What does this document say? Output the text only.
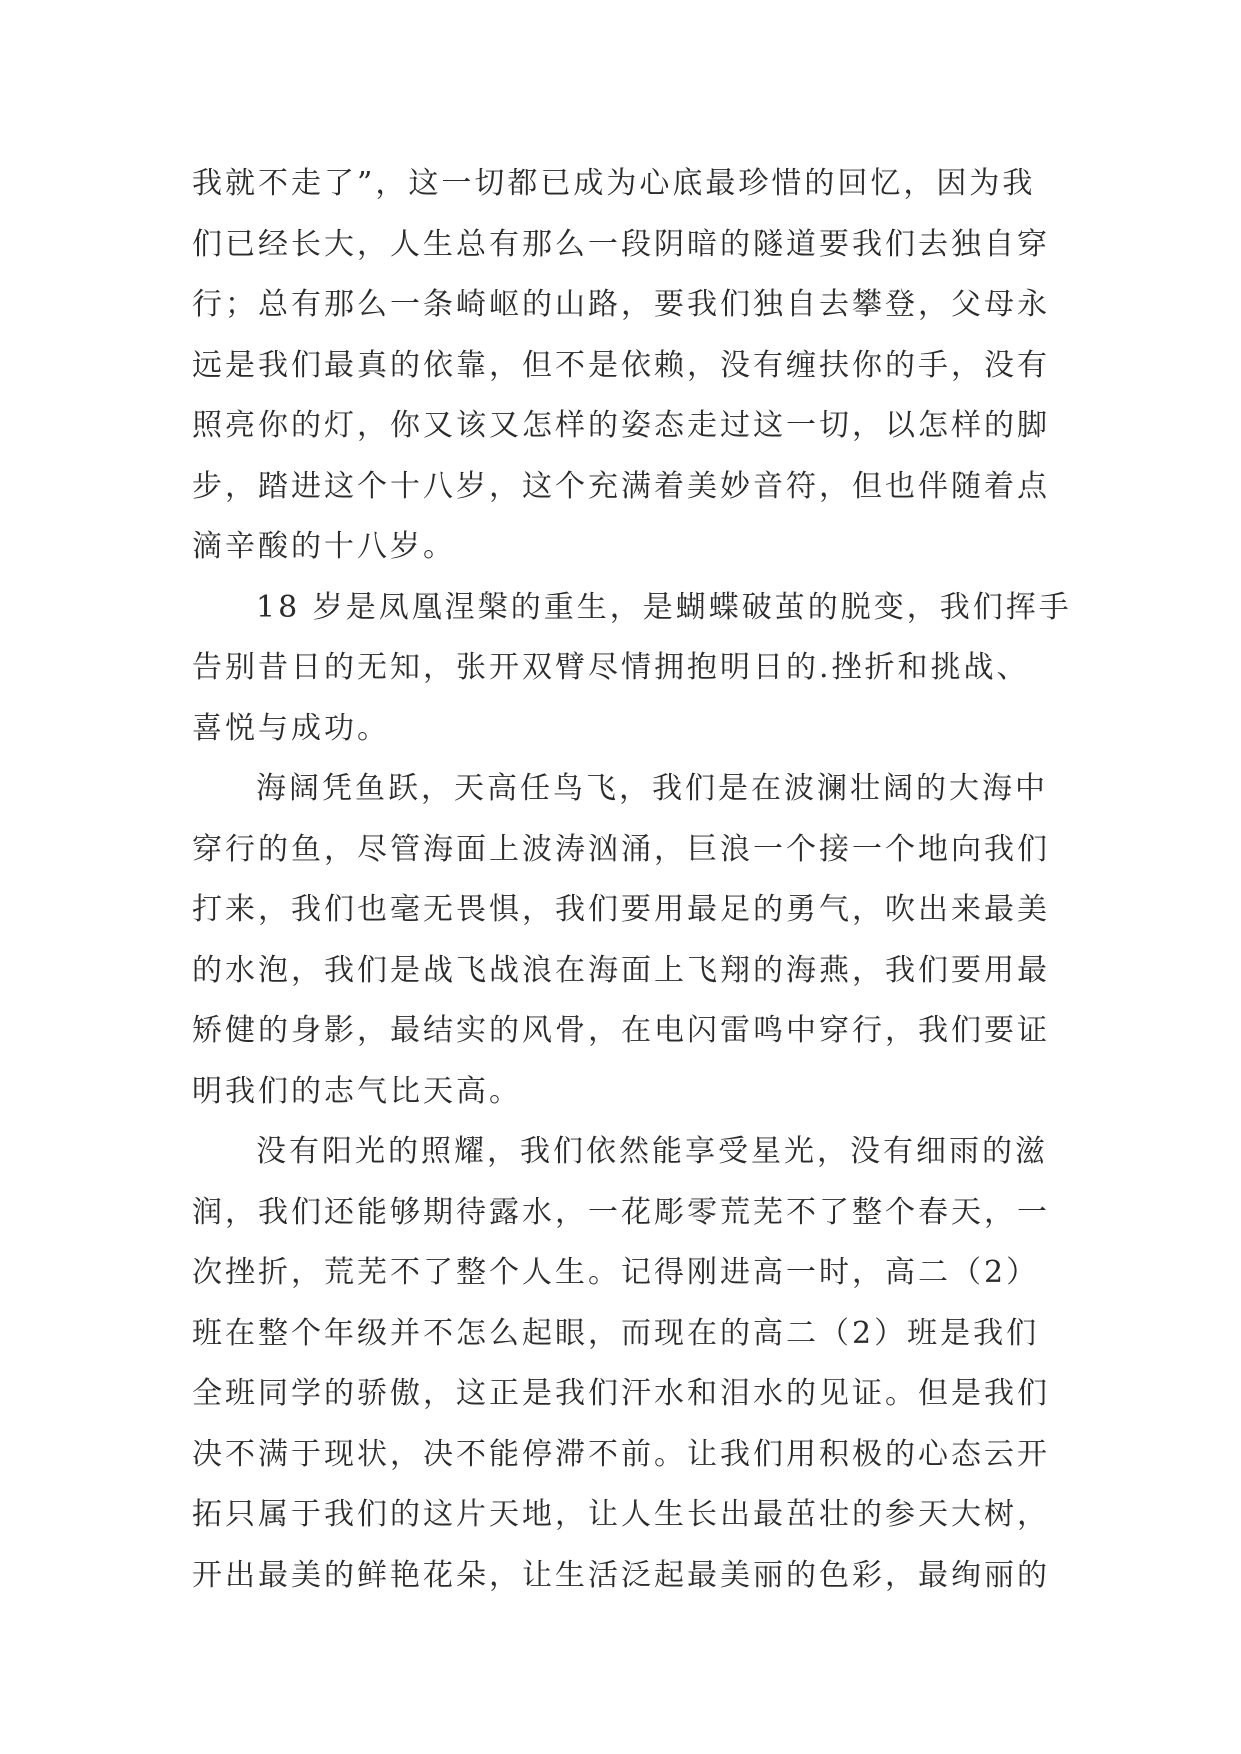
我就不走了”，这一切都已成为心底最珍惜的回忆，因为我
们已经长大，人生总有那么一段阴暗的隧道要我们去独自穿
行；总有那么一条崎岖的山路，要我们独自去攀登，父母永
远是我们最真的依靠，但不是依赖，没有缠扶你的手，没有
照亮你的灯，你又该又怎样的姿态走过这一切，以怎样的脚
步，踏进这个十八岁，这个充满着美妙音符，但也伴随着点
滴辛酸的十八岁。
18 岁是凤凰涅槃的重生，是蝴蝶破茧的脱变，我们挥手
告别昔日的无知，张开双臂尽情拥抱明日的.挫折和挑战、
喜悦与成功。
海阔凭鱼跃，天高任鸟飞，我们是在波澜壮阔的大海中
穿行的鱼，尽管海面上波涛汹涌，巨浪一个接一个地向我们
打来，我们也毫无畏惧，我们要用最足的勇气，吹出来最美
的水泡，我们是战飞战浪在海面上飞翔的海燕，我们要用最
矫健的身影，最结实的风骨，在电闪雷鸣中穿行，我们要证
明我们的志气比天高。
没有阳光的照耀，我们依然能享受星光，没有细雨的滋
润，我们还能够期待露水，一花彫零荒芜不了整个春天，一
次挫折，荒芜不了整个人生。记得刚进高一时，高二（2）
班在整个年级并不怎么起眼，而现在的高二（2）班是我们
全班同学的骄傲，这正是我们汗水和泪水的见证。但是我们
决不满于现状，决不能停滞不前。让我们用积极的心态云开
拓只属于我们的这片天地，让人生长出最茁壮的参天大树，
开出最美的鲜艳花朵，让生活泛起最美丽的色彩，最绚丽的
